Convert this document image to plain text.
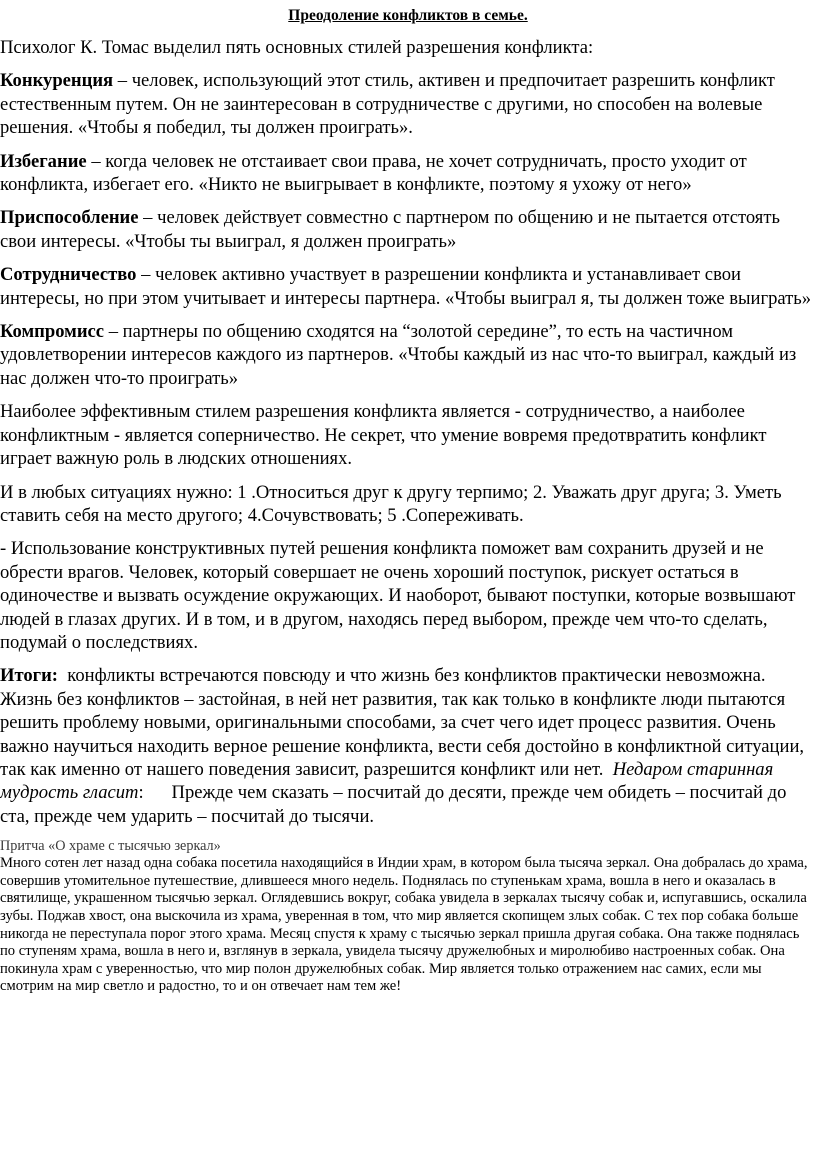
Преодоление конфликтов в семье.
Психолог К. Томас выделил пять основных стилей разрешения конфликта:
Конкуренция – человек, использующий этот стиль, активен и предпочитает разрешить конфликт естественным путем. Он не заинтересован в сотрудничестве с другими, но способен на волевые решения. «Чтобы я победил, ты должен проиграть».
Избегание – когда человек не отстаивает свои права, не хочет сотрудничать, просто уходит от конфликта, избегает его. «Никто не выигрывает в конфликте, поэтому я ухожу от него»
Приспособление – человек действует совместно с партнером по общению и не пытается отстоять свои интересы. «Чтобы ты выиграл, я должен проиграть»
Сотрудничество – человек активно участвует в разрешении конфликта и устанавливает свои интересы, но при этом учитывает и интересы партнера. «Чтобы выиграл я, ты должен тоже выиграть»
Компромисс – партнеры по общению сходятся на “золотой середине”, то есть на частичном удовлетворении интересов каждого из партнеров. «Чтобы каждый из нас что-то выиграл, каждый из нас должен что-то проиграть»
Наиболее эффективным стилем разрешения конфликта является - сотрудничество, а наиболее конфликтным - является соперничество. Не секрет, что умение вовремя предотвратить конфликт играет важную роль в людских отношениях.
И в любых ситуациях нужно: 1 .Относиться друг к другу терпимо; 2. Уважать друг друга; 3. Уметь ставить себя на место другого; 4.Сочувствовать; 5 .Сопереживать.
- Использование конструктивных путей решения конфликта поможет вам сохранить друзей и не обрести врагов. Человек, который совершает не очень хороший поступок, рискует остаться в одиночестве и вызвать осуждение окружающих. И наоборот, бывают поступки, которые возвышают людей в глазах других. И в том, и в другом, находясь перед выбором, прежде чем что-то сделать, подумай о последствиях.
Итоги:  конфликты встречаются повсюду и что жизнь без конфликтов практически невозможна. Жизнь без конфликтов – застойная, в ней нет развития, так как только в конфликте люди пытаются решить проблему новыми, оригинальными способами, за счет чего идет процесс развития. Очень важно научиться находить верное решение конфликта, вести себя достойно в конфликтной ситуации, так как именно от нашего поведения зависит, разрешится конфликт или нет.  Недаром старинная мудрость гласит:      Прежде чем сказать – посчитай до десяти, прежде чем обидеть – посчитай до ста, прежде чем ударить – посчитай до тысячи.
Притча «О храме с тысячью зеркал»
Много сотен лет назад одна собака посетила находящийся в Индии храм, в котором была тысяча зеркал. Она добралась до храма, совершив утомительное путешествие, длившееся много недель. Поднялась по ступенькам храма, вошла в него и оказалась в святилище, украшенном тысячью зеркал. Оглядевшись вокруг, собака увидела в зеркалах тысячу собак и, испугавшись, оскалила зубы. Поджав хвост, она выскочила из храма, уверенная в том, что мир является скопищем злых собак. С тех пор собака больше никогда не переступала порог этого храма. Месяц спустя к храму с тысячью зеркал пришла другая собака. Она также поднялась по ступеням храма, вошла в него и, взглянув в зеркала, увидела тысячу дружелюбных и миролюбиво настроенных собак. Она покинула храм с уверенностью, что мир полон дружелюбных собак. Мир является только отражением нас самих, если мы смотрим на мир светло и радостно, то и он отвечает нам тем же!
